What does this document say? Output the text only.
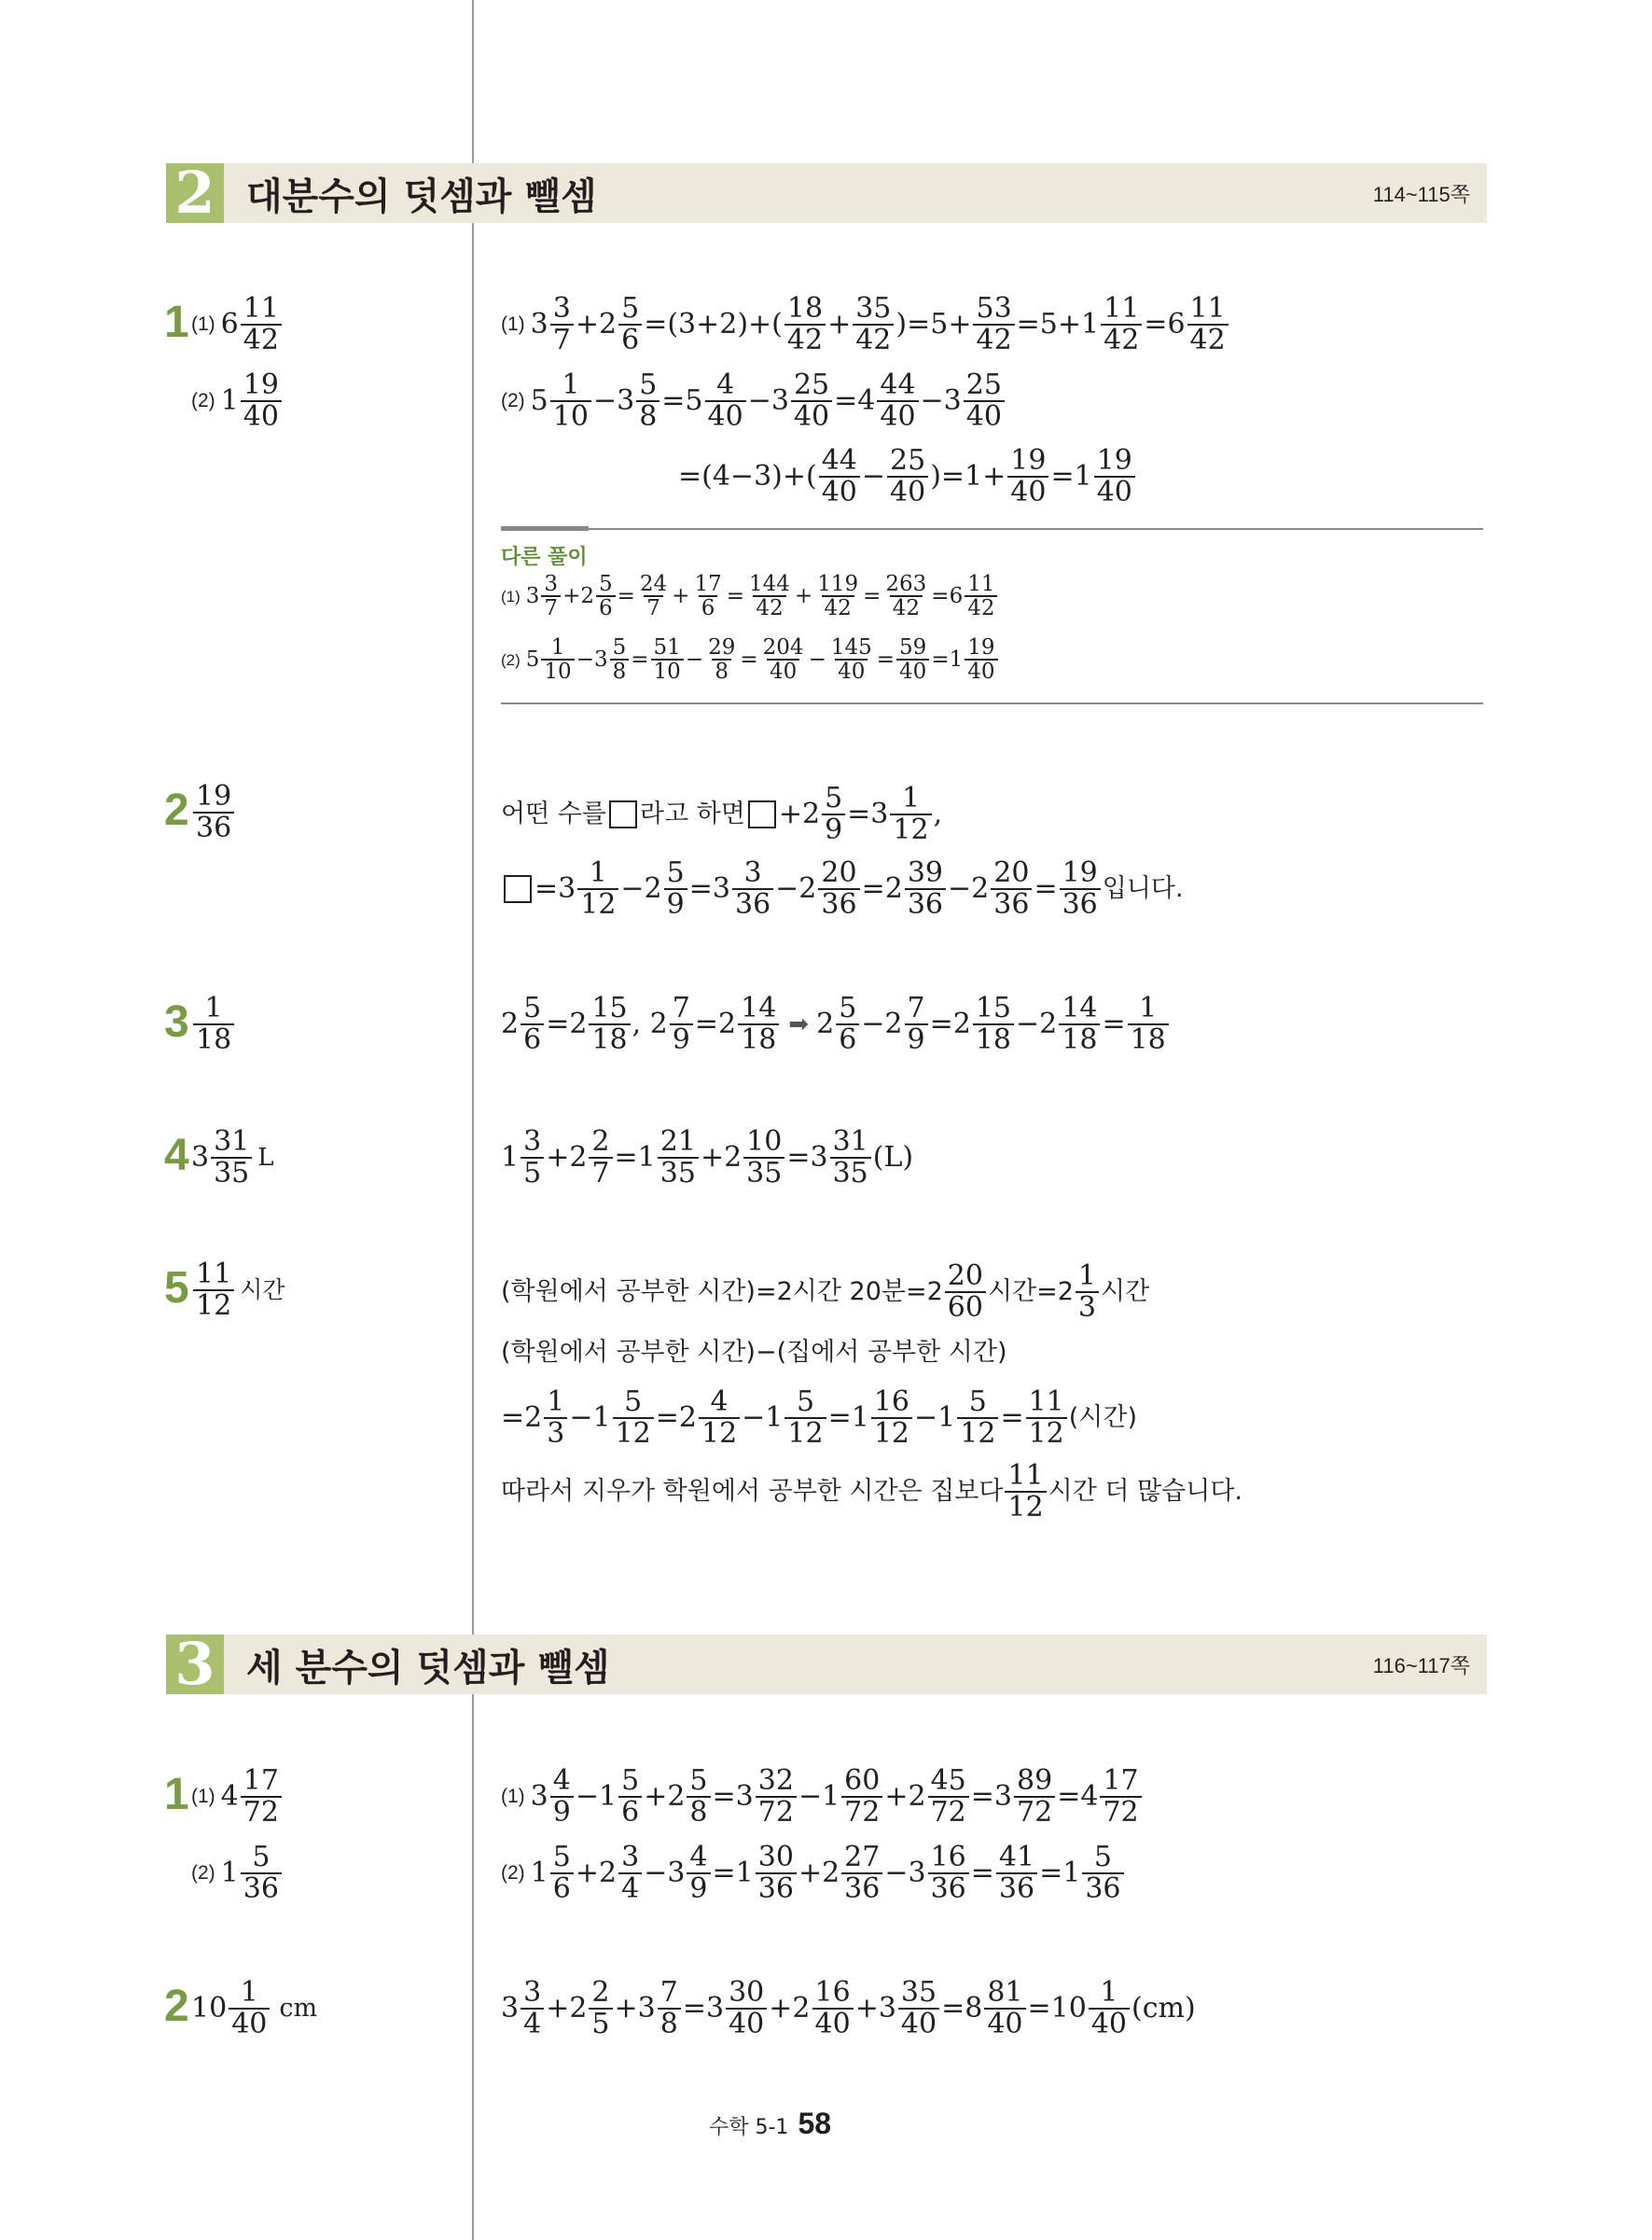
2 대분수의 덧셈과 뺄셈	114~115쪽
1 (1) $6 \frac{11}{42}$
(2) $1 \frac{19}{40}$
(1) $3 \frac{3}{7} + 2 \frac{5}{6} =(3+2)+( \frac{18}{42} + \frac{35}{42} )=5+ \frac{53}{42} =5+1 \frac{11}{42} =6 \frac{11}{42}$
(2) $5 \frac{1}{10} -3 \frac{5}{8} =5 \frac{4}{40} -3 \frac{25}{40} =4 \frac{44}{40} -3 \frac{25}{40}$
$=(4-3)+( \frac{44}{40} - \frac{25}{40} )=1+ \frac{19}{40} =1 \frac{19}{40}$
다른 풀이
(1) $3 \frac{3}{7} +2 \frac{5}{6} = \frac{24}{7} + \frac{17}{6} = \frac{144}{42} + \frac{119}{42} = \frac{263}{42} =6 \frac{11}{42}$
(2) $5 \frac{1}{10} -3 \frac{5}{8} = \frac{51}{10} - \frac{29}{8} = \frac{204}{40} - \frac{145}{40} = \frac{59}{40} =1 \frac{19}{40}$
$2 \frac{19}{36}$	어떤 수를 라고 하면 $+2 \frac{5}{9} =3 \frac{1}{12}$ ,
$=3 \frac{1}{12} -2 \frac{5}{9} =3 \frac{3}{36} -2 \frac{20}{36} =2 \frac{39}{36} -2 \frac{20}{36} = \frac{19}{36}$ 입니다.
$3 \frac{1}{18}$	$2 \frac{5}{6} =2 \frac{15}{18}$ , $2 \frac{7}{9} =2 \frac{14}{18}$ ➡ $2 \frac{5}{6} -2 \frac{7}{9} =2 \frac{15}{18} -2 \frac{14}{18} = \frac{1}{18}$
4 $3 \frac{31}{35}$ L	$1 \frac{3}{5} +2 \frac{2}{7} =1 \frac{21}{35} +2 \frac{10}{35} =3 \frac{31}{35} (L)$
$5 \frac{11}{12}$ 시간	(학원에서 공부한 시간)=2시간 20분$=2 \frac{20}{60}$ 시간$=2 \frac{1}{3}$ 시간
(학원에서 공부한 시간)−(집에서 공부한 시간)
$=2 \frac{1}{3} -1 \frac{5}{12} =2 \frac{4}{12} -1 \frac{5}{12} =1 \frac{16}{12} -1 \frac{5}{12} = \frac{11}{12}$ (시간)
따라서 지우가 학원에서 공부한 시간은 집보다 $\frac{11}{12}$ 시간 더 많습니다.
3 세 분수의 덧셈과 뺄셈	116~117쪽
1 (1) $4 \frac{17}{72}$
(2) $1 \frac{5}{36}$
(1) $3 \frac{4}{9} -1 \frac{5}{6} +2 \frac{5}{8} =3 \frac{32}{72} -1 \frac{60}{72} +2 \frac{45}{72} =3 \frac{89}{72} =4 \frac{17}{72}$
(2) $1 \frac{5}{6} +2 \frac{3}{4} -3 \frac{4}{9} =1 \frac{30}{36} +2 \frac{27}{36} -3 \frac{16}{36} = \frac{41}{36} =1 \frac{5}{36}$
2 $10 \frac{1}{40}$ cm	$3 \frac{3}{4} +2 \frac{2}{5} +3 \frac{7}{8} =3 \frac{30}{40} +2 \frac{16}{40} +3 \frac{35}{40} =8 \frac{81}{40} =10 \frac{1}{40} (cm)$
수학 5-1 58
